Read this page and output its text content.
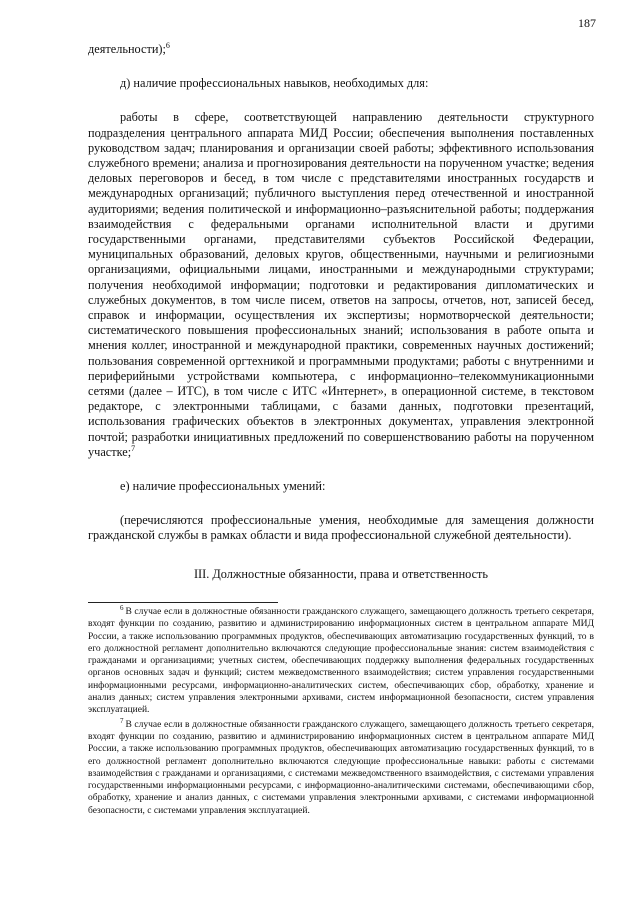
187

деятельности);$^6$

д) наличие профессиональных навыков, необходимых для:

работы в сфере, соответствующей направлению деятельности структурного подразделения центрального аппарата МИД России; обеспечения выполнения поставленных руководством задач; планирования и организации своей работы; эффективного использования служебного времени; анализа и прогнозирования деятельности на порученном участке; ведения деловых переговоров и бесед, в том числе с представителями иностранных государств и международных организаций; публичного выступления перед отечественной и иностранной аудиториями; ведения политической и информационно–разъяснительной работы; поддержания взаимодействия с федеральными органами исполнительной власти и другими государственными органами, представителями субъектов Российской Федерации, муниципальных образований, деловых кругов, общественными, научными и религиозными организациями, официальными лицами, иностранными и международными структурами; получения необходимой информации; подготовки и редактирования дипломатических и служебных документов, в том числе писем, ответов на запросы, отчетов, нот, записей бесед, справок и информации, осуществления их экспертизы; нормотворческой деятельности; систематического повышения профессиональных знаний; использования в работе опыта и мнения коллег, иностранной и международной практики, современных научных достижений; пользования современной оргтехникой и программными продуктами; работы с внутренними и периферийными устройствами компьютера, с информационно–телекоммуникационными сетями (далее – ИТС), в том числе с ИТС «Интернет», в операционной системе, в текстовом редакторе, с электронными таблицами, с базами данных, подготовки презентаций, использования графических объектов в электронных документах, управления электронной почтой; разработки инициативных предложений по совершенствованию работы на порученном участке;$^7$

е) наличие профессиональных умений:

(перечисляются профессиональные умения, необходимые для замещения должности гражданской службы в рамках области и вида профессиональной служебной деятельности).

III. Должностные обязанности, права и ответственность

$^6$ В случае если в должностные обязанности гражданского служащего, замещающего должность третьего секретаря, входят функции по созданию, развитию и администрированию информационных систем в центральном аппарате МИД России, а также использованию программных продуктов, обеспечивающих автоматизацию государственных функций, то в его должностной регламент дополнительно включаются следующие профессиональные знания: систем взаимодействия с гражданами и организациями; учетных систем, обеспечивающих поддержку выполнения федеральных государственных органов основных задач и функций; систем межведомственного взаимодействия; систем управления государственными информационными ресурсами, информационно-аналитических систем, обеспечивающих сбор, обработку, хранение и анализ данных; систем управления электронными архивами, систем информационной безопасности, систем управления эксплуатацией.

$^7$ В случае если в должностные обязанности гражданского служащего, замещающего должность третьего секретаря, входят функции по созданию, развитию и администрированию информационных систем в центральном аппарате МИД России, а также использованию программных продуктов, обеспечивающих автоматизацию государственных функций, то в его должностной регламент дополнительно включаются следующие профессиональные навыки: работы с системами взаимодействия с гражданами и организациями, с системами межведомственного взаимодействия, с системами управления государственными информационными ресурсами, с информационно-аналитическими системами, обеспечивающими сбор, обработку, хранение и анализ данных, с системами управления электронными архивами, с системами информационной безопасности, с системами управления эксплуатацией.
